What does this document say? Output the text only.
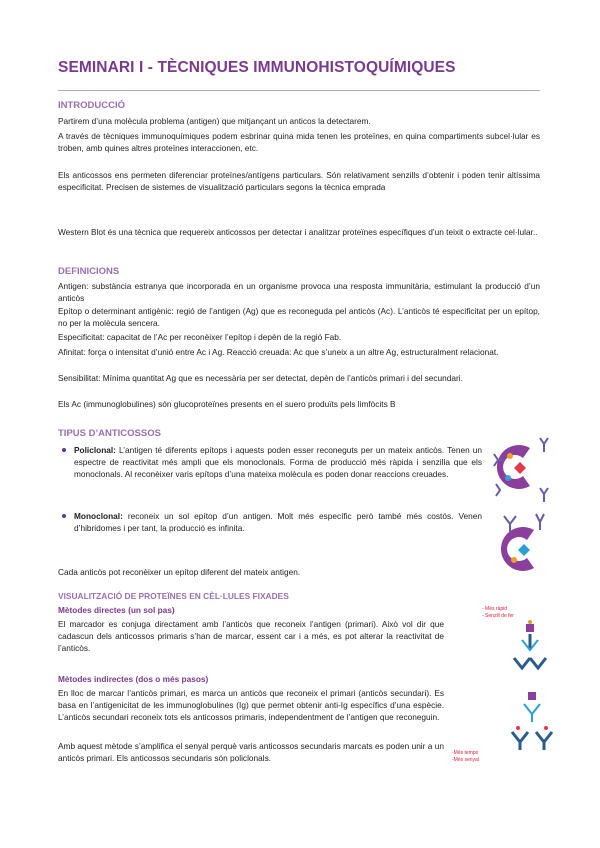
SEMINARI I - TÈCNIQUES IMMUNOHISTOQUÍMIQUES
INTRODUCCIÓ
Partirem d’una molècula problema (antigen) que mitjançant un anticos la detectarem.
A través de tècniques immunoquímiques podem esbrinar quina mida tenen les proteïnes, en quina compartiments subcel·lular es troben, amb quines altres proteïnes interaccionen, etc.
Els anticossos ens permeten diferenciar proteïnes/antígens particulars. Són relativament senzills d’obtenir i poden tenir altíssima especificitat. Precisen de sistemes de visualització particulars segons la tècnica emprada
Western Blot és una tècnica que requereix anticossos per detectar i analitzar proteïnes específiques d’un teixit o extracte cel·lular..
DEFINICIONS
Antigen: substància estranya que incorporada en un organisme provoca una resposta immunitària, estimulant la producció d’un anticòs
Epítop o determinant antigènic: regió de l’antigen (Ag) que es reconeguda pel anticòs (Ac). L’anticòs té especificitat per un epítop, no per la molècula sencera.
Especificitat: capacitat de l’Ac per reconèixer l’epítop i depèn de la regió Fab.
Afinitat: força o intensitat d’unió entre Ac i Ag. Reacció creuada: Ac que s’uneix a un altre Ag, estructuralment relacionat.
Sensibilitat: Mínima quantitat Ag que es necessària per ser detectat, depèn de l’anticòs primari i del secundari.
Els Ac (immunoglobulines) són glucoproteïnes presents en el suero produïts pels limfòcits B
TIPUS D’ANTICOSSOS
Policlonal: L’antigen té diferents epítops i aquests poden esser reconeguts per un mateix anticòs. Tenen un espectre de reactivitat més ampli que els monoclonals. Forma de producció més ràpida i senzilla que els monoclonals. Al reconèixer varis epítops d’una mateixa molècula es poden donar reaccions creuades.
Monoclonal: reconeix un sol epítop d’un antigen. Molt més específic però també més costós. Venen d’hibridomes i per tant, la producció es infinita.
Cada anticòs pot reconèixer un epítop diferent del mateix antigen.
VISUALITZACIÓ DE PROTEÏNES EN CÈL·LULES FIXADES
Mètodes directes (un sol pas)
El marcador es conjuga directament amb l’anticòs que reconeix l’antigen (primari). Això vol dir que cadascun dels anticossos primaris s’han de marcar, essent car i a més, es pot alterar la reactivitat de l’anticòs.
Mètodes indirectes (dos o més pasos)
En lloc de marcar l’anticòs primari, es marca un anticòs que reconeix el primari (anticòs secundari). Es basa en l’antigenicitat de les immunoglobulines (Ig) que permet obtenir anti-Ig específics d’una espècie. L’anticòs secundari reconeix tots els anticossos primaris, independentment de l’antigen que reconeguin.
Amb aquest mètode s’amplifica el senyal perquè varis anticossos secundaris marcats es poden unir a un anticòs primari. Els anticossos secundaris són policlonals.
- Més ràpid
- Senzill de fer
-Més temps
-Més senyal
